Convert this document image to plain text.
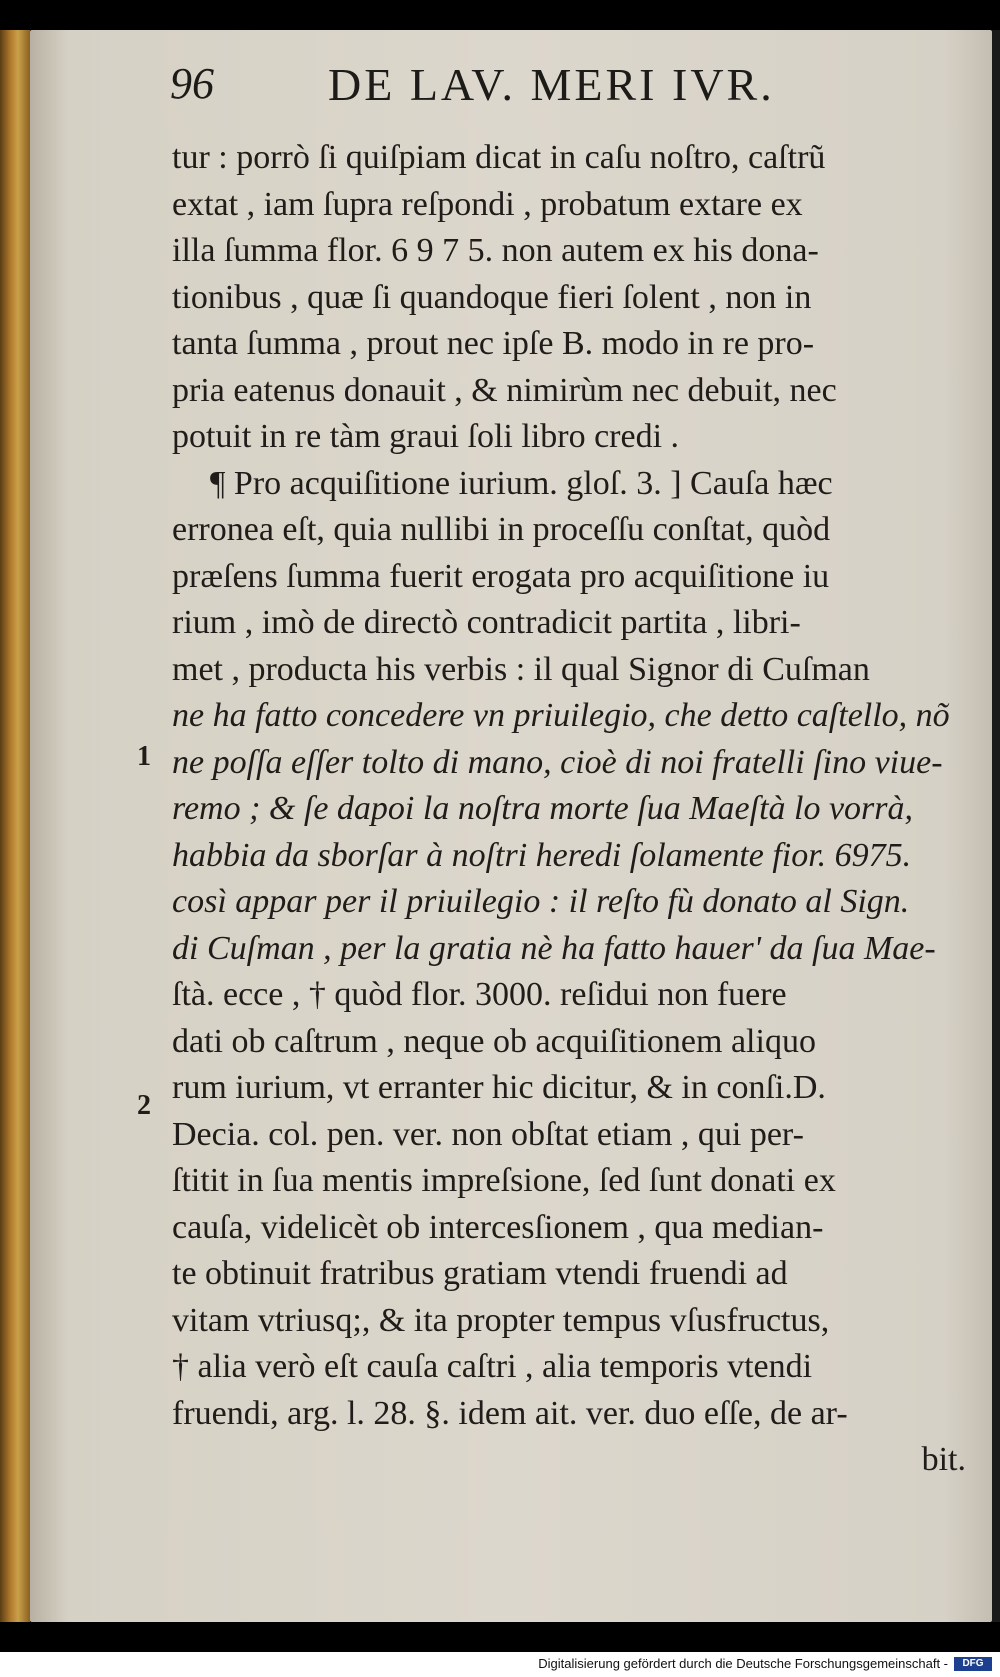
96 DE LAV. MERI IVR.
1
2
tur : porrò ſi quiſpiam dicat in caſu noſtro, caſtrũ
extat , iam ſupra reſpondi , probatum extare ex
illa ſumma flor. 6 9 7 5. non autem ex his dona-
tionibus , quæ ſi quandoque fieri ſolent , non in
tanta ſumma , prout nec ipſe B. modo in re pro-
pria eatenus donauit , & nimirùm nec debuit, nec
potuit in re tàm graui ſoli libro credi .
¶ Pro acquiſitione iurium. gloſ. 3. ] Cauſa hæc
erronea eſt, quia nullibi in proceſſu conſtat, quòd
præſens ſumma fuerit erogata pro acquiſitione iu
rium , imò de directò contradicit partita , libri-
met , producta his verbis : il qual Signor di Cuſman
ne ha fatto concedere vn priuilegio, che detto caſtello, nõ
ne poſſa eſſer tolto di mano, cioè di noi fratelli ſino viue-
remo ; & ſe dapoi la noſtra morte ſua Maeſtà lo vorrà,
habbia da sborſar à noſtri heredi ſolamente fior. 6975.
così appar per il priuilegio : il reſto fù donato al Sign.
di Cuſman , per la gratia nè ha fatto hauer' da ſua Mae-
ſtà. ecce , † quòd flor. 3000. reſidui non fuere
dati ob caſtrum , neque ob acquiſitionem aliquo
rum iurium, vt erranter hic dicitur, & in conſi.D.
Decia. col. pen. ver. non obſtat etiam , qui per-
ſtitit in ſua mentis impreſsione, ſed ſunt donati ex
cauſa, videlicèt ob intercesſionem , qua median-
te obtinuit fratribus gratiam vtendi fruendi ad
vitam vtriusq;, & ita propter tempus vſusfructus,
† alia verò eſt cauſa caſtri , alia temporis vtendi
fruendi, arg. l. 28. §. idem ait. ver. duo eſſe, de ar-
bit.
Digitalisierung gefördert durch die Deutsche Forschungsgemeinschaft -	DFG
